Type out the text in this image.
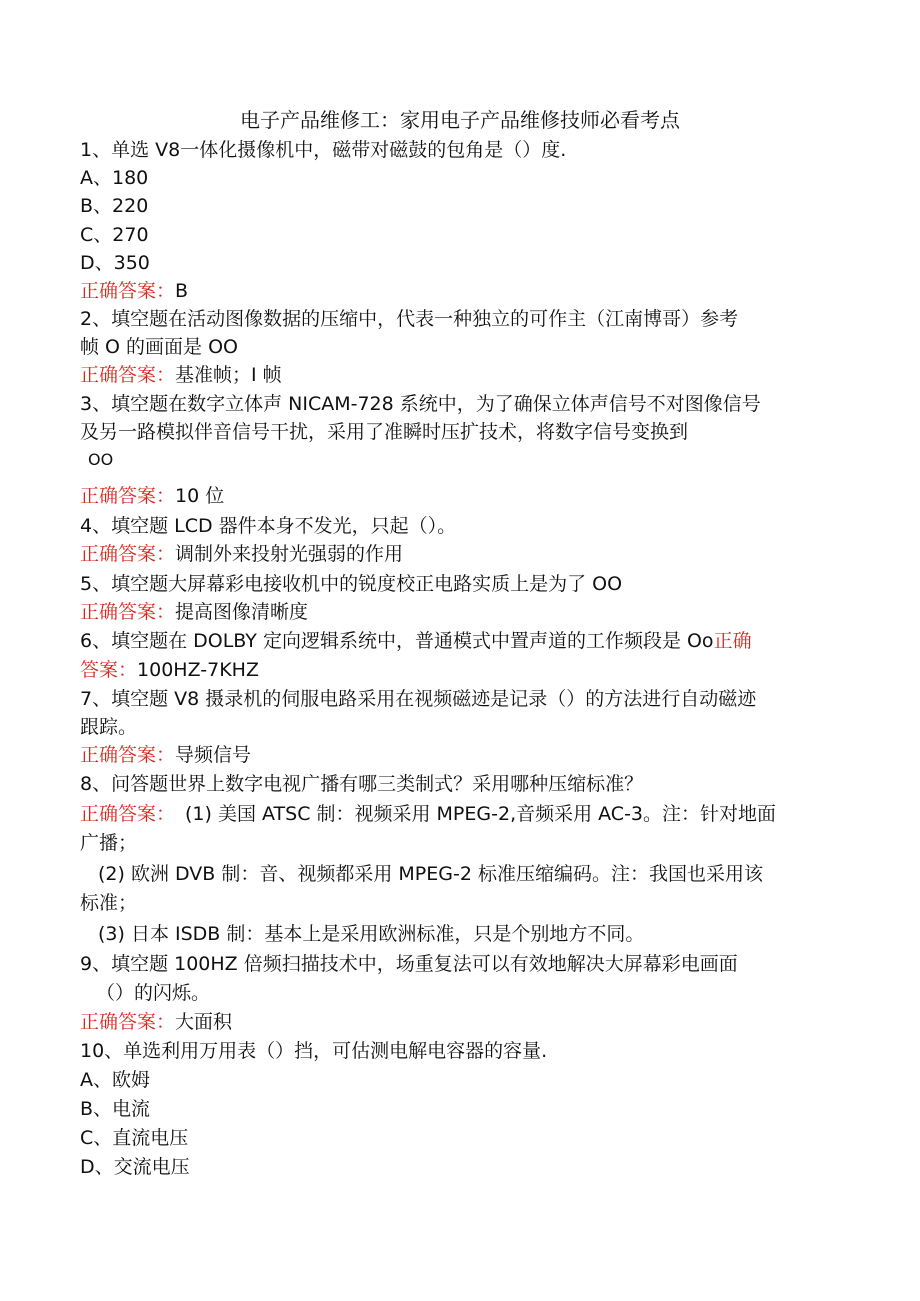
电子产品维修工：家用电子产品维修技师必看考点
1、单选 V8一体化摄像机中，磁带对磁鼓的包角是（）度.
A、180
B、220
C、270
D、350
正确答案：B
2、填空题在活动图像数据的压缩中，代表一种独立的可作主（江南博哥）参考
帧 O 的画面是 OO
正确答案：基准帧；I 帧
3、填空题在数字立体声 NICAM-728 系统中，为了确保立体声信号不对图像信号
及另一路模拟伴音信号干扰，采用了准瞬时压扩技术，将数字信号变换到
OO
正确答案：10 位
4、填空题 LCD 器件本身不发光，只起（）。
正确答案：调制外来投射光强弱的作用
5、填空题大屏幕彩电接收机中的锐度校正电路实质上是为了 OO
正确答案：提高图像清晰度
6、填空题在 DOLBY 定向逻辑系统中，普通模式中置声道的工作频段是 Oo正确
答案：100HZ-7KHZ
7、填空题 V8 摄录机的伺服电路采用在视频磁迹是记录（）的方法进行自动磁迹
跟踪。
正确答案：导频信号
8、问答题世界上数字电视广播有哪三类制式？采用哪种压缩标准？
正确答案： (1) 美国 ATSC 制：视频采用 MPEG-2,音频采用 AC-3。注：针对地面
广播；
(2) 欧洲 DVB 制：音、视频都采用 MPEG-2 标准压缩编码。注：我国也采用该
标准；
(3) 日本 ISDB 制：基本上是采用欧洲标准，只是个别地方不同。
9、填空题 100HZ 倍频扫描技术中，场重复法可以有效地解决大屏幕彩电画面
（）的闪烁。
正确答案：大面积
10、单选利用万用表（）挡，可估测电解电容器的容量.
A、欧姆
B、电流
C、直流电压
D、交流电压
